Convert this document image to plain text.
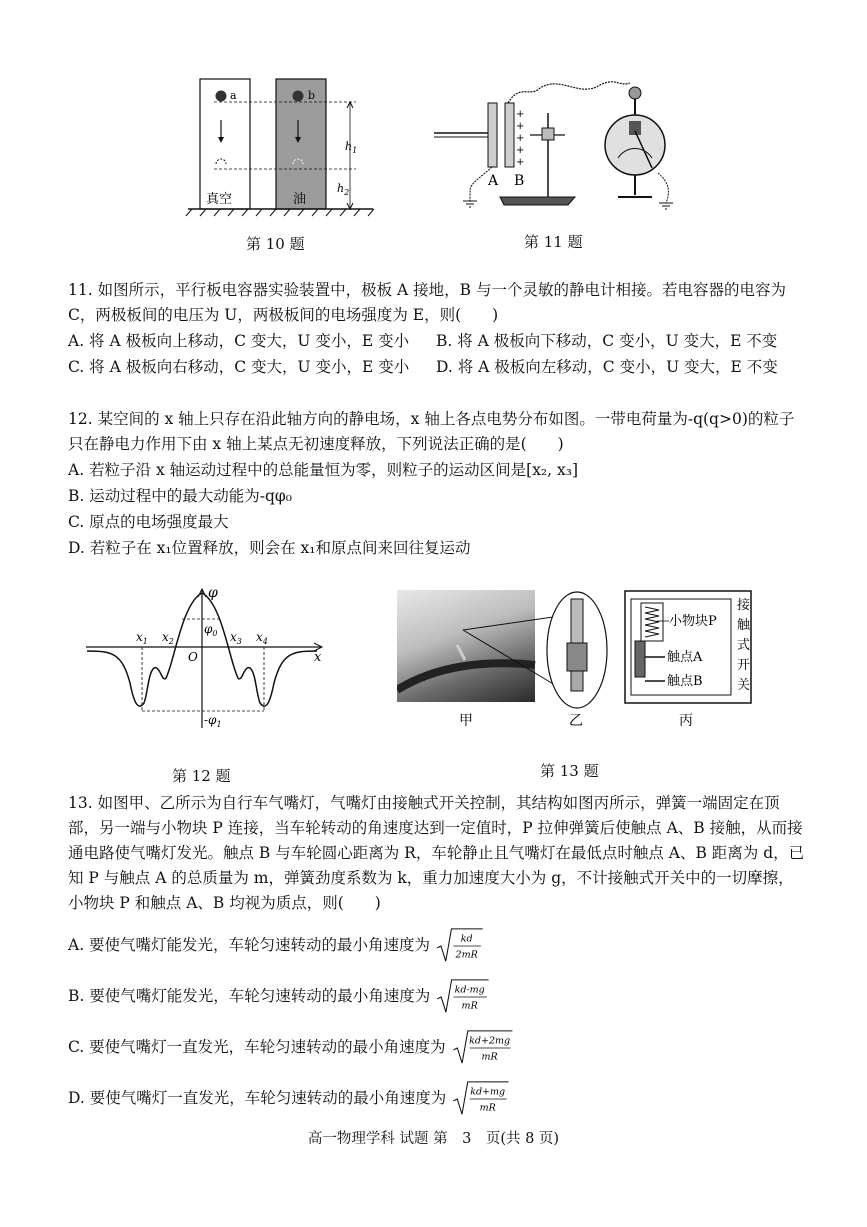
a	b
$h_1$
$h_2$
真空	油
第 10 题
+
+
+
+
+
A B
第 11 题
11. 如图所示，平行板电容器实验装置中，极板 A 接地，B 与一个灵敏的静电计相接。若电容器的电容为 C，两极板间的电压为 U，两极板间的电场强度为 E，则(　　)
A. 将 A 极板向上移动，C 变大，U 变小，E 变小	B. 将 A 极板向下移动，C 变小，U 变大，E 不变
C. 将 A 极板向右移动，C 变大，U 变小，E 变小	D. 将 A 极板向左移动，C 变小，U 变大，E 不变
12. 某空间的 x 轴上只存在沿此轴方向的静电场，x 轴上各点电势分布如图。一带电荷量为-q(q>0)的粒子只在静电力作用下由 x 轴上某点无初速度释放，下列说法正确的是(　　)
A. 若粒子沿 x 轴运动过程中的总能量恒为零，则粒子的运动区间是[x₂, x₃]
B. 运动过程中的最大动能为-qφ₀
C. 原点的电场强度最大
D. 若粒子在 x₁位置释放，则会在 x₁和原点间来回往复运动
φ
$\varphi_0$
$-\varphi_1$
O	x
$x_1$ $x_2$	$x_3$ $x_4$
第 12 题
小物块P
触点A
触点B
接
触
式
开
关
甲	乙	丙
第 13 题
13. 如图甲、乙所示为自行车气嘴灯，气嘴灯由接触式开关控制，其结构如图丙所示，弹簧一端固定在顶部，另一端与小物块 P 连接，当车轮转动的角速度达到一定值时，P 拉伸弹簧后使触点 A、B 接触，从而接通电路使气嘴灯发光。触点 B 与车轮圆心距离为 R，车轮静止且气嘴灯在最低点时触点 A、B 距离为 d，已知 P 与触点 A 的总质量为 m，弹簧劲度系数为 k，重力加速度大小为 g，不计接触式开关中的一切摩擦，小物块 P 和触点 A、B 均视为质点，则(　　)
A. 要使气嘴灯能发光，车轮匀速转动的最小角速度为	kd
2mR
B. 要使气嘴灯能发光，车轮匀速转动的最小角速度为 kd-mg
mR
C. 要使气嘴灯一直发光，车轮匀速转动的最小角速度为 kd+2mg
mR
D. 要使气嘴灯一直发光，车轮匀速转动的最小角速度为 kd+mg
mR
高一物理学科 试题 第　3　页(共 8 页)
